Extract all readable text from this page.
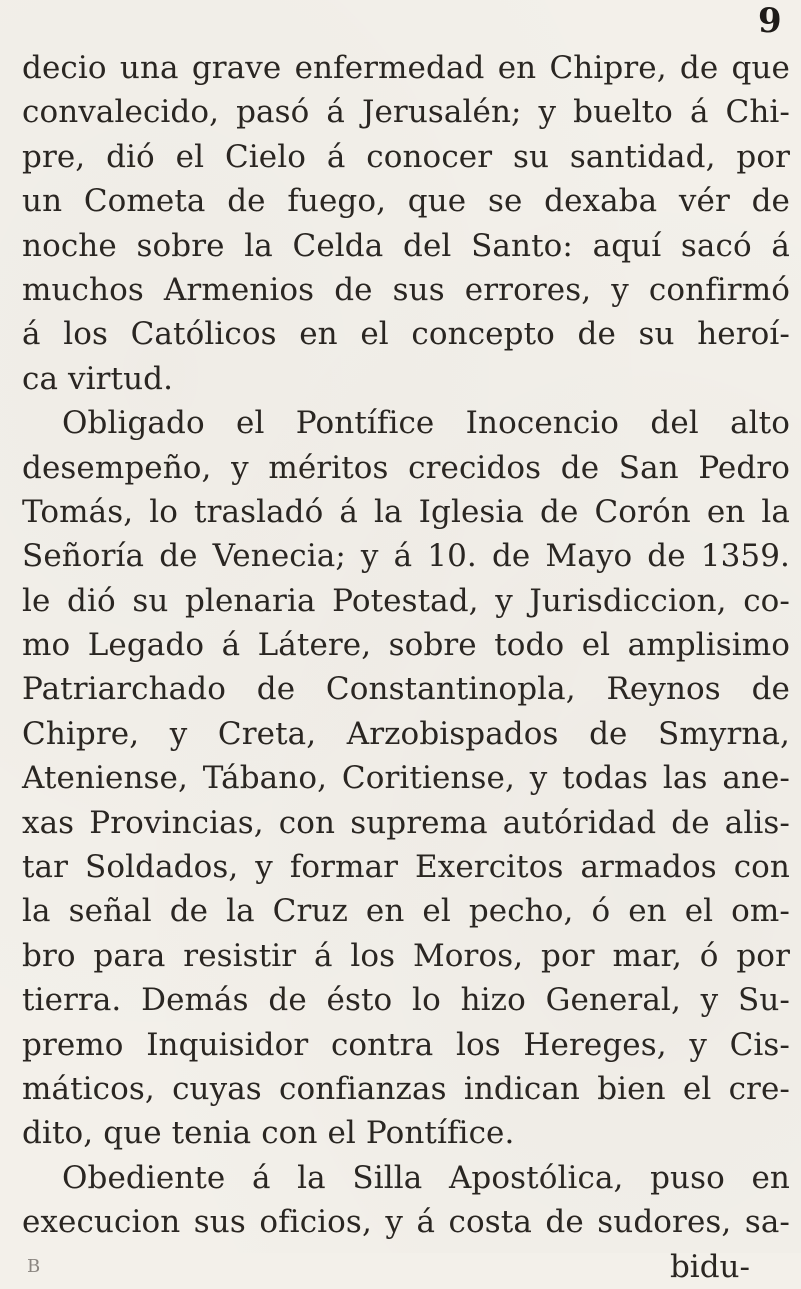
9
decio una grave enfermedad en Chipre, de que
convalecido, pasó á Jerusalén; y buelto á Chi-
pre, dió el Cielo á conocer su santidad, por
un Cometa de fuego, que se dexaba vér de
noche sobre la Celda del Santo: aquí sacó á
muchos Armenios de sus errores, y confirmó
á los Católicos en el concepto de su heroí-
ca virtud.
Obligado el Pontífice Inocencio del alto
desempeño, y méritos crecidos de San Pedro
Tomás, lo trasladó á la Iglesia de Corón en la
Señoría de Venecia; y á 10. de Mayo de 1359.
le dió su plenaria Potestad, y Jurisdiccion, co-
mo Legado á Látere, sobre todo el amplisimo
Patriarchado de Constantinopla, Reynos de
Chipre, y Creta, Arzobispados de Smyrna,
Ateniense, Tábano, Coritiense, y todas las ane-
xas Provincias, con suprema autóridad de alis-
tar Soldados, y formar Exercitos armados con
la señal de la Cruz en el pecho, ó en el om-
bro para resistir á los Moros, por mar, ó por
tierra. Demás de ésto lo hizo General, y Su-
premo Inquisidor contra los Hereges, y Cis-
máticos, cuyas confianzas indican bien el cre-
dito, que tenia con el Pontífice.
Obediente á la Silla Apostólica, puso en
execucion sus oficios, y á costa de sudores, sa-
B	bidu-
